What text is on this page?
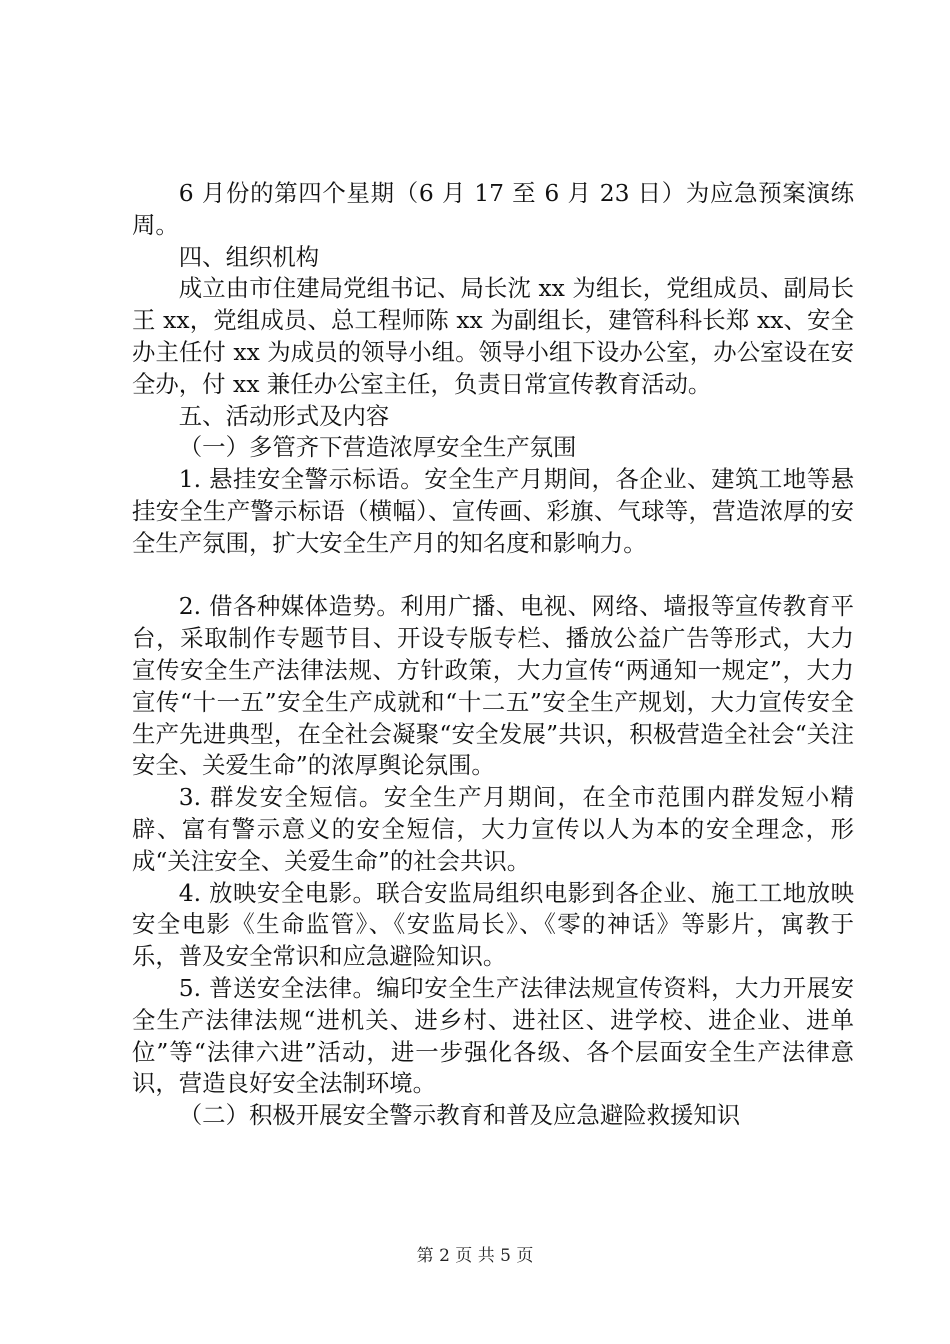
6 月份的第四个星期（6 月 17 至 6 月 23 日）为应急预案演练周。

四、组织机构

成立由市住建局党组书记、局长沈 xx 为组长，党组成员、副局长王 xx，党组成员、总工程师陈 xx 为副组长，建管科科长郑 xx、安全办主任付 xx 为成员的领导小组。领导小组下设办公室，办公室设在安全办，付 xx 兼任办公室主任，负责日常宣传教育活动。

五、活动形式及内容

（一）多管齐下营造浓厚安全生产氛围

1. 悬挂安全警示标语。安全生产月期间，各企业、建筑工地等悬挂安全生产警示标语（横幅）、宣传画、彩旗、气球等，营造浓厚的安全生产氛围，扩大安全生产月的知名度和影响力。

2. 借各种媒体造势。利用广播、电视、网络、墙报等宣传教育平台，采取制作专题节目、开设专版专栏、播放公益广告等形式，大力宣传安全生产法律法规、方针政策，大力宣传“两通知一规定”，大力宣传“十一五”安全生产成就和“十二五”安全生产规划，大力宣传安全生产先进典型，在全社会凝聚“安全发展”共识，积极营造全社会“关注安全、关爱生命”的浓厚舆论氛围。

3. 群发安全短信。安全生产月期间，在全市范围内群发短小精辟、富有警示意义的安全短信，大力宣传以人为本的安全理念，形成“关注安全、关爱生命”的社会共识。

4. 放映安全电影。联合安监局组织电影到各企业、施工工地放映安全电影《生命监管》、《安监局长》、《零的神话》等影片，寓教于乐，普及安全常识和应急避险知识。

5. 普送安全法律。编印安全生产法律法规宣传资料，大力开展安全生产法律法规“进机关、进乡村、进社区、进学校、进企业、进单位”等“法律六进”活动，进一步强化各级、各个层面安全生产法律意识，营造良好安全法制环境。

（二）积极开展安全警示教育和普及应急避险救援知识

第 2 页 共 5 页
